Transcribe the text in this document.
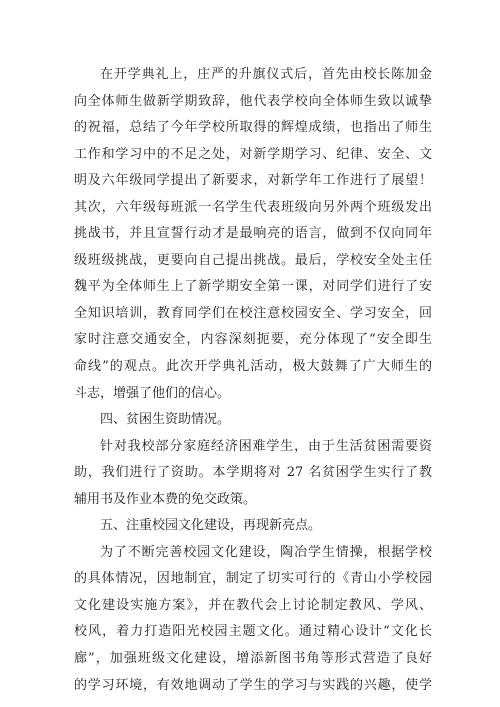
在开学典礼上，庄严的升旗仪式后，首先由校长陈加金
向全体师生做新学期致辞，他代表学校向全体师生致以诚挚
的祝福，总结了今年学校所取得的辉煌成绩，也指出了师生
工作和学习中的不足之处，对新学期学习、纪律、安全、文
明及六年级同学提出了新要求，对新学年工作进行了展望！
其次，六年级每班派一名学生代表班级向另外两个班级发出
挑战书，并且宣誓行动才是最响亮的语言，做到不仅向同年
级班级挑战，更要向自己提出挑战。最后，学校安全处主任
魏平为全体师生上了新学期安全第一课，对同学们进行了安
全知识培训，教育同学们在校注意校园安全、学习安全，回
家时注意交通安全，内容深刻扼要，充分体现了“安全即生
命线”的观点。此次开学典礼活动，极大鼓舞了广大师生的
斗志，增强了他们的信心。
四、贫困生资助情况。
针对我校部分家庭经济困难学生，由于生活贫困需要资
助，我们进行了资助。本学期将对 27 名贫困学生实行了教
辅用书及作业本费的免交政策。
五、注重校园文化建设，再现新亮点。
为了不断完善校园文化建设，陶冶学生情操，根据学校
的具体情况，因地制宜，制定了切实可行的《青山小学校园
文化建设实施方案》，并在教代会上讨论制定教风、学风、
校风，着力打造阳光校园主题文化。通过精心设计“文化长
廊”，加强班级文化建设，增添新图书角等形式营造了良好
的学习环境，有效地调动了学生的学习与实践的兴趣，使学
